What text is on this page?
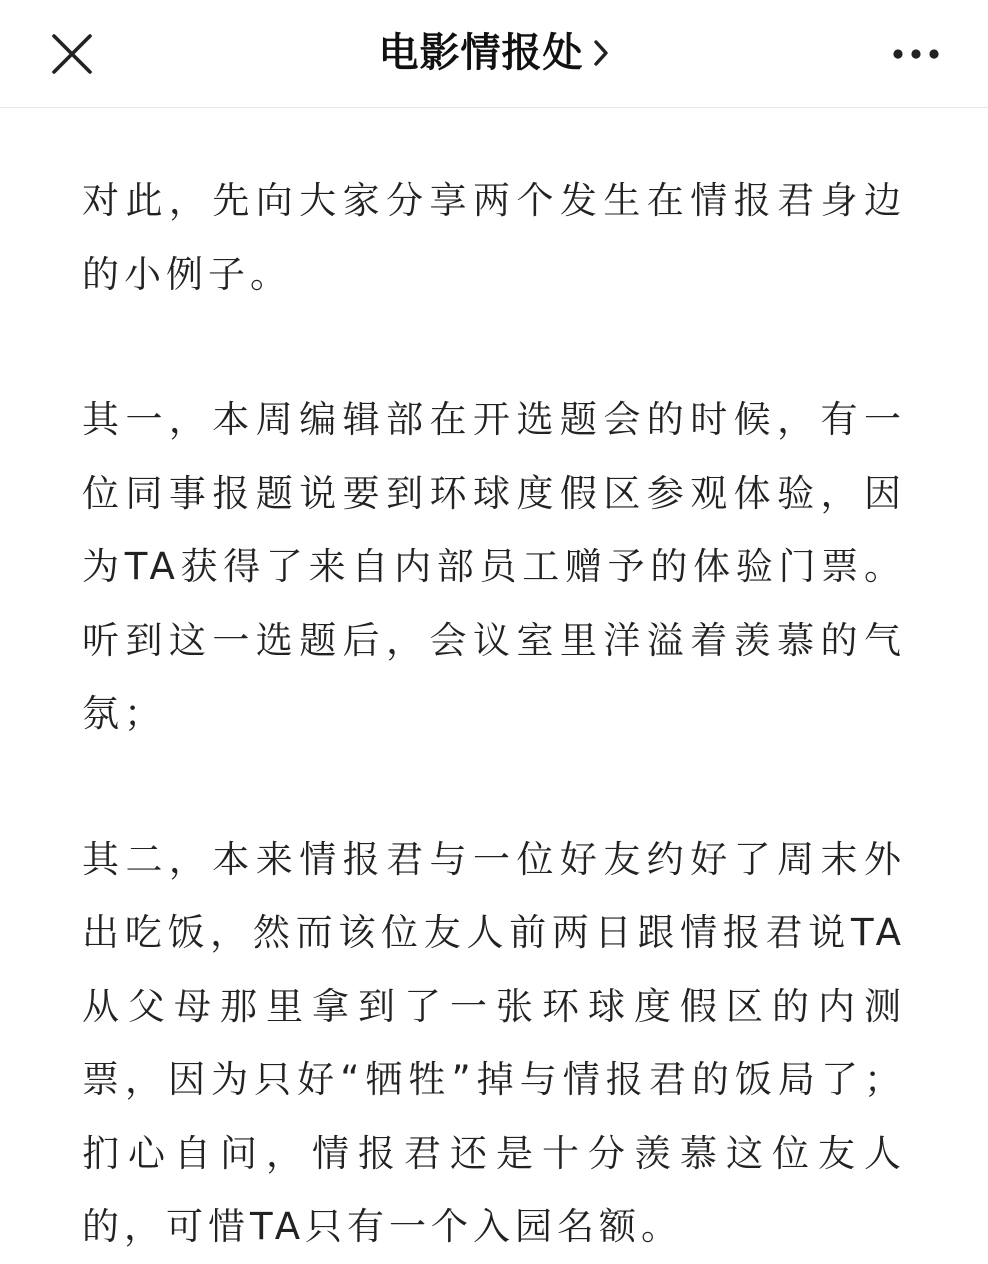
电影情报处

对此，先向大家分享两个发生在情报君身边的小例子。

其一，本周编辑部在开选题会的时候，有一位同事报题说要到环球度假区参观体验，因为TA获得了来自内部员工赠予的体验门票。听到这一选题后，会议室里洋溢着羡慕的气氛；

其二，本来情报君与一位好友约好了周末外出吃饭，然而该位友人前两日跟情报君说TA从父母那里拿到了一张环球度假区的内测票，因为只好“牺牲”掉与情报君的饭局了；扪心自问，情报君还是十分羡慕这位友人的，可惜TA只有一个入园名额。
